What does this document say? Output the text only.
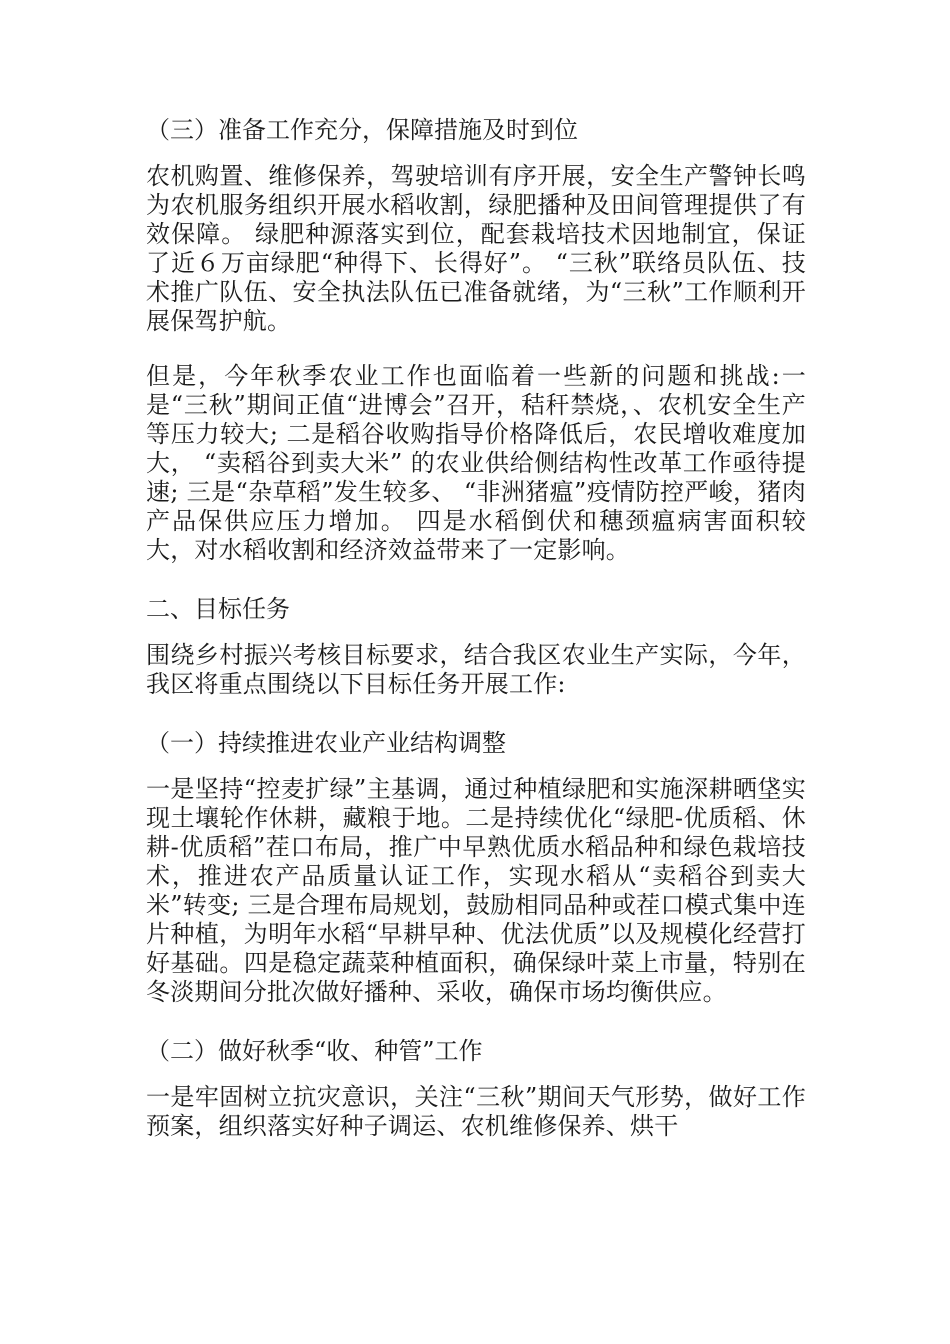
（三）准备工作充分，保障措施及时到位

农机购置、维修保养，驾驶培训有序开展，安全生产警钟长鸣 为农机服务组织开展水稻收割，绿肥播种及田间管理提供了有效保障。 绿肥种源落实到位，配套栽培技术因地制宜，保证了近６万亩绿肥“种得下、长得好”。 “三秋”联络员队伍、技术推广队伍、安全执法队伍已准备就绪，为“三秋”工作顺利开展保驾护航。

但是，今年秋季农业工作也面临着一些新的问题和挑战:一是“三秋”期间正值“进博会”召开，秸秆禁烧，、农机安全生产等压力较大; 二是稻谷收购指导价格降低后，农民增收难度加大， “卖稻谷到卖大米” 的农业供给侧结构性改革工作亟待提速; 三是“杂草稻”发生较多、 “非洲猪瘟”疫情防控严峻，猪肉产品保供应压力增加。 四是水稻倒伏和穗颈瘟病害面积较大，对水稻收割和经济效益带来了一定影响。

二、目标任务

围绕乡村振兴考核目标要求，结合我区农业生产实际，今年，我区将重点围绕以下目标任务开展工作:

（一）持续推进农业产业结构调整

一是坚持“控麦扩绿”主基调，通过种植绿肥和实施深耕晒垡实现土壤轮作休耕，藏粮于地。二是持续优化“绿肥-优质稻、休耕-优质稻”茬口布局，推广中早熟优质水稻品种和绿色栽培技术，推进农产品质量认证工作，实现水稻从“卖稻谷到卖大米”转变; 三是合理布局规划，鼓励相同品种或茬口模式集中连片种植，为明年水稻“早耕早种、优法优质”以及规模化经营打好基础。四是稳定蔬菜种植面积，确保绿叶菜上市量，特别在冬淡期间分批次做好播种、采收，确保市场均衡供应。

（二）做好秋季“收、种管”工作

一是牢固树立抗灾意识，关注“三秋”期间天气形势，做好工作预案，组织落实好种子调运、农机维修保养、烘干
